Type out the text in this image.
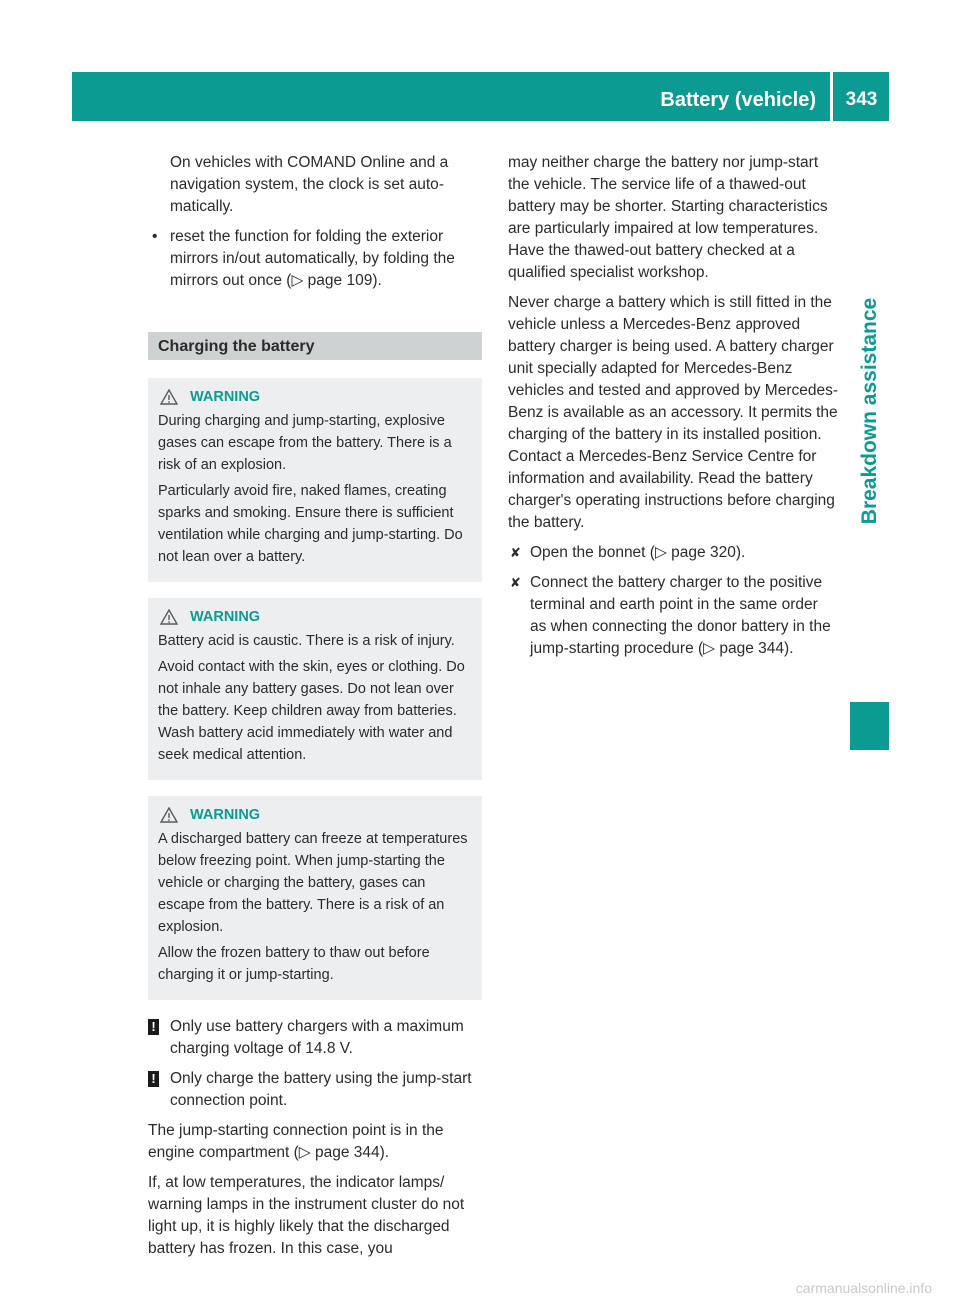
Battery (vehicle)	343
Breakdown assistance

On vehicles with COMAND Online and a navigation system, the clock is set automatically.

• reset the function for folding the exterior mirrors in/out automatically, by folding the mirrors out once (▷ page 109).
Charging the battery
WARNING

During charging and jump-starting, explosive gases can escape from the battery. There is a risk of an explosion.

Particularly avoid fire, naked flames, creating sparks and smoking. Ensure there is sufficient ventilation while charging and jump-starting. Do not lean over a battery.

WARNING

Battery acid is caustic. There is a risk of injury.

Avoid contact with the skin, eyes or clothing. Do not inhale any battery gases. Do not lean over the battery. Keep children away from batteries. Wash battery acid immediately with water and seek medical attention.

WARNING

A discharged battery can freeze at temperatures below freezing point. When jump-starting the vehicle or charging the battery, gases can escape from the battery. There is a risk of an explosion.

Allow the frozen battery to thaw out before charging it or jump-starting.

! Only use battery chargers with a maximum charging voltage of 14.8 V.
! Only charge the battery using the jump-start connection point.

The jump-starting connection point is in the engine compartment (▷ page 344).

If, at low temperatures, the indicator lamps/ warning lamps in the instrument cluster do not light up, it is highly likely that the discharged battery has frozen. In this case, you

may neither charge the battery nor jump-start the vehicle. The service life of a thawed-out battery may be shorter. Starting characteristics are particularly impaired at low temperatures. Have the thawed-out battery checked at a qualified specialist workshop.

Never charge a battery which is still fitted in the vehicle unless a Mercedes-Benz approved battery charger is being used. A battery charger unit specially adapted for Mercedes-Benz vehicles and tested and approved by Mercedes-Benz is available as an accessory. It permits the charging of the battery in its installed position. Contact a Mercedes-Benz Service Centre for information and availability. Read the battery charger's operating instructions before charging the battery.

✘ Open the bonnet (▷ page 320).
✘ Connect the battery charger to the positive terminal and earth point in the same order as when connecting the donor battery in the jump-starting procedure (▷ page 344).
carmanualsonline.info
